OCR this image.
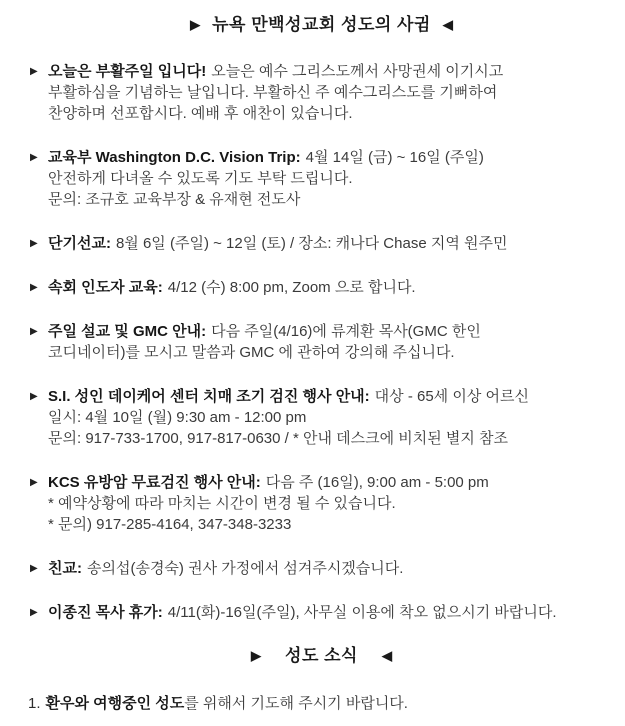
▶ 뉴욕 만백성교회 성도의 사귐 ◀
▶ 오늘은 부활주일 입니다! 오늘은 예수 그리스도께서 사망권세 이기시고
부활하심을 기념하는 날입니다. 부활하신 주 예수그리스도를 기뻐하여
찬양하며 선포합시다. 예배 후 애찬이 있습니다.
▶ 교육부 Washington D.C. Vision Trip: 4월 14일 (금) ~ 16일 (주일)
안전하게 다녀올 수 있도록 기도 부탁 드립니다.
문의: 조규호 교육부장 & 유재현 전도사
▶ 단기선교: 8월 6일 (주일) ~ 12일 (토) / 장소: 캐나다 Chase 지역 원주민
▶ 속회 인도자 교육: 4/12 (수) 8:00 pm, Zoom 으로 합니다.
▶ 주일 설교 및 GMC 안내: 다음 주일(4/16)에 류계환 목사(GMC 한인
코디네이터)를 모시고 말씀과 GMC 에 관하여 강의해 주십니다.
▶ S.I. 성인 데이케어 센터 치매 조기 검진 행사 안내: 대상 - 65세 이상 어르신
일시: 4월 10일 (월) 9:30 am - 12:00 pm
문의: 917-733-1700, 917-817-0630 / * 안내 데스크에 비치된 별지 참조
▶ KCS 유방암 무료검진 행사 안내: 다음 주 (16일), 9:00 am - 5:00 pm
* 예약상황에 따라 마치는 시간이 변경 될 수 있습니다.
* 문의) 917-285-4164, 347-348-3233
▶ 친교: 송의섭(송경숙) 권사 가정에서 섬겨주시겠습니다.
▶ 이종진 목사 휴가: 4/11(화)-16일(주일), 사무실 이용에 착오 없으시기 바랍니다.
▶ 성도 소식 ◀
1. 환우와 여행중인 성도를 위해서 기도해 주시기 바랍니다.
